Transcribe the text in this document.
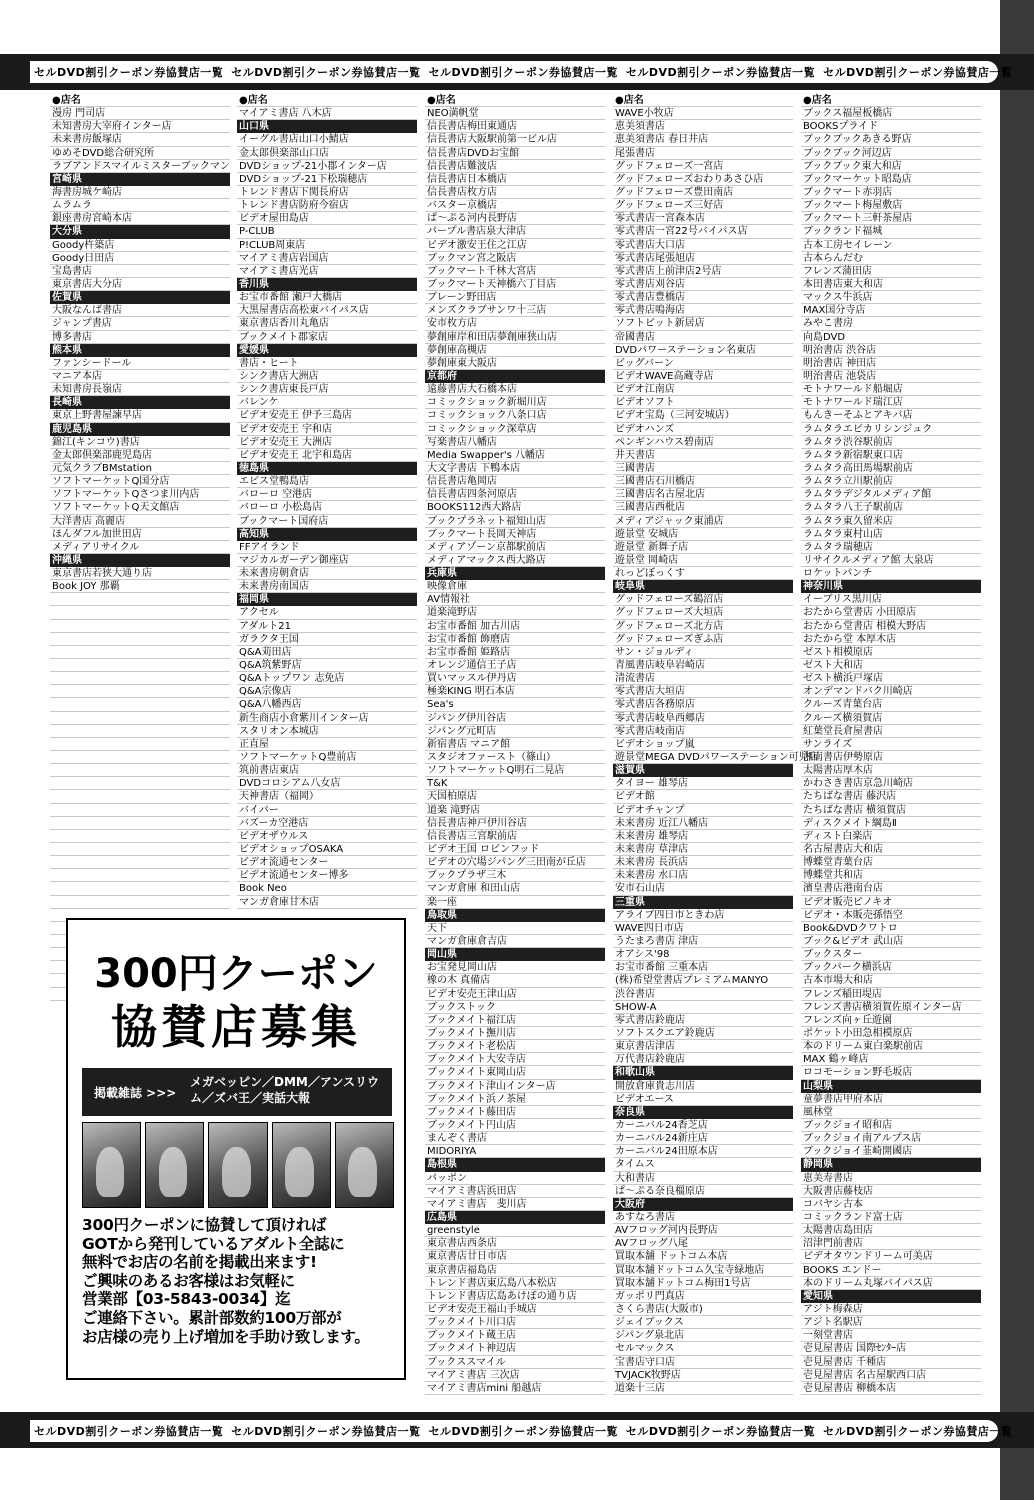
セルDVD割引クーポン券協賛店一覧 セルDVD割引クーポン券協賛店一覧 セルDVD割引クーポン券協賛店一覧 セルDVD割引クーポン券協賛店一覧 セルDVD割引クーポン券協賛店一覧
●店名
漫房 門司店
未知書房大宰府インター店
未来書房飯塚店
ゆめそDVD総合研究所
ラブアンドスマイルミスターブックマン
宮崎県
海書房城ケ崎店
ムラムラ
銀座書房宮崎本店
大分県
Goody杵築店
Goody日田店
宝島書店
東京書店大分店
佐賀県
大阪なんば書店
ジャンプ書店
博多書店
熊本県
ファンシードール
マニア本店
未知書房長嶺店
長崎県
東京上野書屋諫早店
鹿児島県
錦江(キンコウ)書店
金太郎倶楽部鹿児島店
元気クラブBMstation
ソフトマーケットQ国分店
ソフトマーケットQさつま川内店
ソフトマーケットQ天文館店
大洋書店 高麗店
ほんダフル加世田店
メディアリサイクル
沖縄県
東京書店若狭大通り店
Book JOY 那覇
●店名
マイアミ書店 八木店
山口県
イーグル書店山口小鯖店
金太郎倶楽部山口店
DVDショップ-21小郡インター店
DVDショップ-21下松瑞穂店
トレンド書店下関長府店
トレンド書店防府今宿店
ビデオ屋田島店
P-CLUB
P!CLUB周東店
マイアミ書店岩国店
マイアミ書店光店
香川県
お宝市番館 瀬戸大橋店
大黒屋書店高松東バイパス店
東京書店香川丸亀店
ブックメイト郡家店
愛媛県
書店・ヒート
シンク書店大洲店
シンク書店東長戸店
バレンケ
ビデオ安売王 伊予三島店
ビデオ安売王 宇和店
ビデオ安売王 大洲店
ビデオ安売王 北宇和島店
徳島県
エビス堂鴨島店
バローロ 空港店
バローロ 小松島店
ブックマート国府店
高知県
FFアイランド
マジカルガーデン御座店
未来書房朝倉店
未来書房南国店
福岡県
アクセル
アダルト21
ガラクタ王国
Q&A苅田店
Q&A筑紫野店
Q&Aトップワン 志免店
Q&A宗像店
Q&A八幡西店
新生商店小倉紫川インター店
スタリオン本城店
正直屋
ソフトマーケットQ豊前店
筑前書店東店
DVDコロシアム八女店
天神書店（福岡）
バイパー
バズーカ空港店
ビデオザウルス
ビデオショップOSAKA
ビデオ流通センター
ビデオ流通センター博多
Book Neo
マンガ倉庫甘木店
●店名
NEO満帆堂
信長書店梅田東通店
信長書店大阪駅前第一ビル店
信長書店DVDお宝館
信長書店難波店
信長書店日本橋店
信長書店枚方店
バスター京橋店
ぱ～ぷる河内長野店
パープル書店泉大津店
ビデオ激安王住之江店
ブックマン宮之阪店
ブックマート千林大宮店
ブックマート天神橋六丁目店
ブレーン野田店
メンズクラブサンワ十三店
安市枚方店
夢創庫岸和田店夢創庫狭山店
夢創庫高槻店
夢創庫東大阪店
京都府
遠藤書店大石橋本店
コミックショック新堀川店
コミックショック八条口店
コミックショック深草店
写楽書店八幡店
Media Swapper's 八幡店
大文字書店 下鴨本店
信長書店亀岡店
信長書店四条河原店
BOOKS112西大路店
ブックプラネット福知山店
ブックマート長岡天神店
メディアゾーン京都駅前店
メディアマックス西大路店
兵庫県
映像倉庫
AV情報社
道楽滝野店
お宝市番館 加古川店
お宝市番館 飾磨店
お宝市番館 姫路店
オレンジ通信王子店
買いマッスル伊丹店
極楽KING 明石本店
Sea's
ジパング伊川谷店
ジパング元町店
新宿書店 マニア館
スタジオファースト（篠山）
ソフトマーケットQ明石二見店
T&K
天国柏原店
道楽 滝野店
信長書店神戸伊川谷店
信長書店三宮駅前店
ビデオ王国 ロビンフッド
ビデオの穴場ジパング三田南が丘店
ブックプラザ三木
マンガ倉庫 和田山店
楽一座
鳥取県
天下
マンガ倉庫倉吉店
岡山県
お宝発見岡山店
橡の木 真備店
ビデオ安売王津山店
ブックストック
ブックメイト福江店
ブックメイト撫川店
ブックメイト老松店
ブックメイト大安寺店
ブックメイト東岡山店
ブックメイト津山インター店
ブックメイト浜ノ茶屋
ブックメイト藤田店
ブックメイト円山店
まんぞく書店
MIDORIYA
島根県
パッポン
マイアミ書店浜田店
マイアミ書店　斐川店
広島県
greenstyle
東京書店西条店
東京書店廿日市店
東京書店福島店
トレンド書店東広島八本松店
トレンド書店広島あけぼの通り店
ビデオ安売王福山手城店
ブックメイト川口店
ブックメイト蔵王店
ブックメイト神辺店
ブックススマイル
マイアミ書店 三次店
マイアミ書店mini 船越店
●店名
WAVE小牧店
恵美須書店
恵美須書店 春日井店
尾張書店
グッドフェローズ一宮店
グッドフェローズおわりあさひ店
グッドフェローズ豊田南店
グッドフェローズ三好店
零式書店一宮森本店
零式書店一宮22号バイパス店
零式書店大口店
零式書店尾張旭店
零式書店上前津店2号店
零式書店刈谷店
零式書店豊橋店
零式書店鳴海店
ソフトピット新居店
帝國書店
DVDパワーステーション名東店
ビッグバーン
ビデオWAVE高蔵寺店
ビデオ江南店
ビデオソフト
ビデオ宝島（三河安城店）
ビデオハンズ
ペンギンハウス碧南店
井天書店
三國書店
三國書店石川橋店
三國書店名古屋北店
三國書店西枇店
メディアジャック東浦店
遊景堂 安城店
遊景堂 新舞子店
遊景堂 岡崎店
れっどぼっくす
岐阜県
グッドフェローズ鶴沼店
グッドフェローズ大垣店
グッドフェローズ北方店
グッドフェローズぎふ店
サン・ジョルディ
青風書店岐阜岩崎店
清流書店
零式書店大垣店
零式書店各務原店
零式書店岐阜西郷店
零式書店岐南店
ビデオショップ嵐
遊景堂MEGA DVDパワーステーション可児店
滋賀県
タイヨー 雄琴店
ビデオ館
ビデオチャンプ
未来書房 近江八幡店
未来書房 雄琴店
未来書房 草津店
未来書房 長浜店
未来書房 水口店
安市石山店
三重県
アライブ四日市ときわ店
WAVE四日市店
うたまろ書店 津店
オアシス'98
お宝市番館 三重本店
(株)希望堂書店プレミアムMANYO
渋谷書店
SHOW-A
零式書店鈴鹿店
ソフトスクエア鈴鹿店
東京書店津店
万代書店鈴鹿店
和歌山県
開放倉庫貴志川店
ビデオエース
奈良県
カーニバル24香芝店
カーニバル24新庄店
カーニバル24田原本店
タイムス
大和書店
ぱ～ぷる奈良橿原店
大阪府
あすなろ書店
AVフロッグ河内長野店
AVフロッグ八尾
買取本舗 ドットコム本店
買取本舗ドットコム久宝寺緑地店
買取本舗ドットコム梅田1号店
ガッポリ門真店
さくら書店(大阪市)
ジェイブックス
ジパング泉北店
セルマックス
宝書店守口店
TVJACK牧野店
道楽十三店
●店名
ブックス福屋板橋店
BOOKSプライド
ブックブックあきる野店
ブックブック河辺店
ブックブック東大和店
ブックマーケット昭島店
ブックマート赤羽店
ブックマート梅屋敷店
ブックマート三軒茶屋店
ブックランド福城
古本工房セイレーン
古本らんだむ
フレンズ蒲田店
本田書店東大和店
マックス牛浜店
MAX国分寺店
みやこ書房
向島DVD
明治書店 渋谷店
明治書店 神田店
明治書店 池袋店
モトナワールド船堀店
モトナワールド瑞江店
もんきーそふとアキバ店
ラムタラエビカリシンジュク
ラムタラ渋谷駅前店
ラムタラ新宿駅東口店
ラムタラ高田馬場駅前店
ラムタラ立川駅前店
ラムタラデジタルメディア館
ラムタラ八王子駅前店
ラムタラ東久留米店
ラムタラ東村山店
ラムタラ瑞穂店
リサイクルメディア館 大泉店
ロケットパンチ
神奈川県
イーブリス黒川店
おたから堂書店 小田原店
おたから堂書店 相模大野店
おたから堂 本厚木店
ゼスト相模原店
ゼスト大和店
ゼスト横浜戸塚店
オンデマンドバク川崎店
クルーズ青葉台店
クルーズ横須賀店
紅葉堂長倉屋書店
サンライズ
湘南書店伊勢原店
太陽書店厚木店
かわさき書店京急川崎店
たちばな書店 藤沢店
たちばな書店 横須賀店
ディスクメイト綱島Ⅱ
ディスト白楽店
名古屋書店大和店
博蝶堂青葉台店
博蝶堂共和店
濱皇書店港南台店
ビデオ販売ピノキオ
ビデオ・本販売孫悟空
Book&DVDクワトロ
ブック&ビデオ 武山店
ブックスター
ブックパーク横浜店
古本市場大和店
フレンズ稲田堤店
フレンズ書店横須賀佐原インター店
フレンズ向ヶ丘遊園
ポケット小田急相模原店
本のドリーム東白楽駅前店
MAX 鶴ヶ峰店
ロコモーション野毛坂店
山梨県
童夢書店甲府本店
風林堂
ブックジョイ昭和店
ブックジョイ南アルプス店
ブックジョイ韮崎開國店
静岡県
恵美寿書店
大阪書店藤枝店
コバヤシ古本
コミックランド富士店
太陽書店島田店
沼津門前書店
ビデオタウンドリーム可美店
BOOKS エンドー
本のドリーム丸塚バイパス店
愛知県
アジト梅森店
アジト名駅店
一刻堂書店
壱見屋書店 国際ｾﾝﾀｰ店
壱見屋書店 千種店
壱見屋書店 名古屋駅西口店
壱見屋書店 柳橋本店
300円クーポン
協賛店募集
掲載雑誌 >>>
メガベッピン／DMM／アンスリウム／ズバ王／実話大報
300円クーポンに協賛して頂ければ
GOTから発刊しているアダルト全誌に
無料でお店の名前を掲載出来ます!
ご興味のあるお客様はお気軽に
営業部【03-5843-0034】迄
ご連絡下さい。累計部数約100万部が
お店様の売り上げ増加を手助け致します。
セルDVD割引クーポン券協賛店一覧 セルDVD割引クーポン券協賛店一覧 セルDVD割引クーポン券協賛店一覧 セルDVD割引クーポン券協賛店一覧 セルDVD割引クーポン券協賛店一覧
